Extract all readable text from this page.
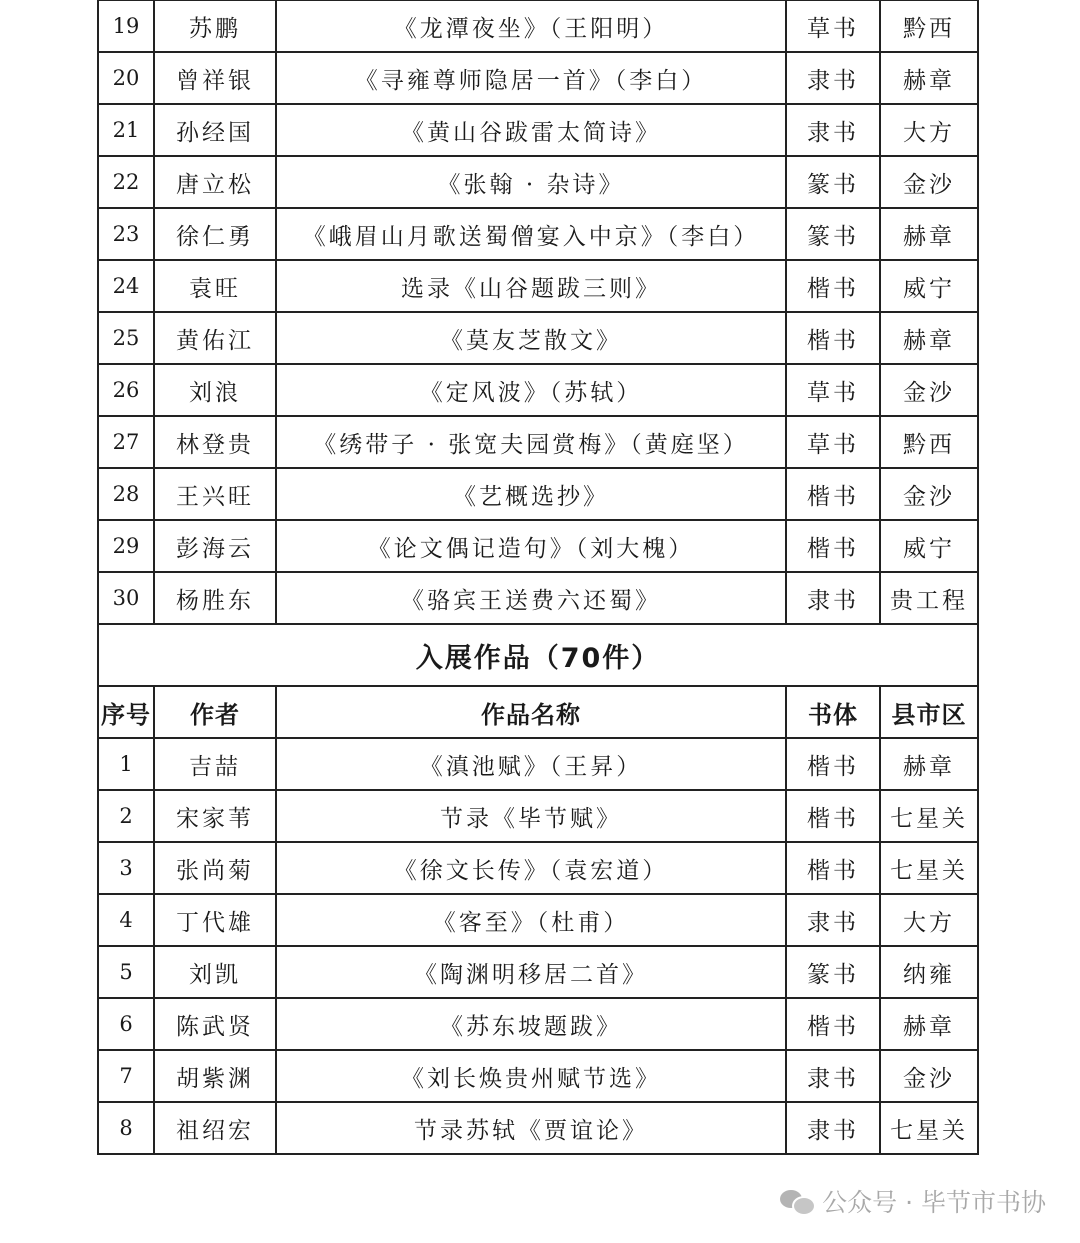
19	苏鹏	《龙潭夜坐》（王阳明）	草书	黔西
20	曾祥银	《寻雍尊师隐居一首》（李白）	隶书	赫章
21	孙经国	《黄山谷跋雷太简诗》	隶书	大方
22	唐立松	《张翰 · 杂诗》	篆书	金沙
23	徐仁勇	《峨眉山月歌送蜀僧宴入中京》（李白）	篆书	赫章
24	袁旺	选录《山谷题跋三则》	楷书	威宁
25	黄佑江	《莫友芝散文》	楷书	赫章
26	刘浪	《定风波》（苏轼）	草书	金沙
27	林登贵	《绣带子 · 张宽夫园赏梅》（黄庭坚）	草书	黔西
28	王兴旺	《艺概选抄》	楷书	金沙
29	彭海云	《论文偶记造句》（刘大槐）	楷书	威宁
30	杨胜东	《骆宾王送费六还蜀》	隶书	贵工程
入展作品（70件）				
序号	作者	作品名称	书体	县市区
1	吉喆	《滇池赋》（王昇）	楷书	赫章
2	宋家苇	节录《毕节赋》	楷书	七星关
3	张尚菊	《徐文长传》（袁宏道）	楷书	七星关
4	丁代雄	《客至》（杜甫）	隶书	大方
5	刘凯	《陶渊明移居二首》	篆书	纳雍
6	陈武贤	《苏东坡题跋》	楷书	赫章
7	胡紫渊	《刘长焕贵州赋节选》	隶书	金沙
8	祖绍宏	节录苏轼《贾谊论》	隶书	七星关
公众号 · 毕节市书协
